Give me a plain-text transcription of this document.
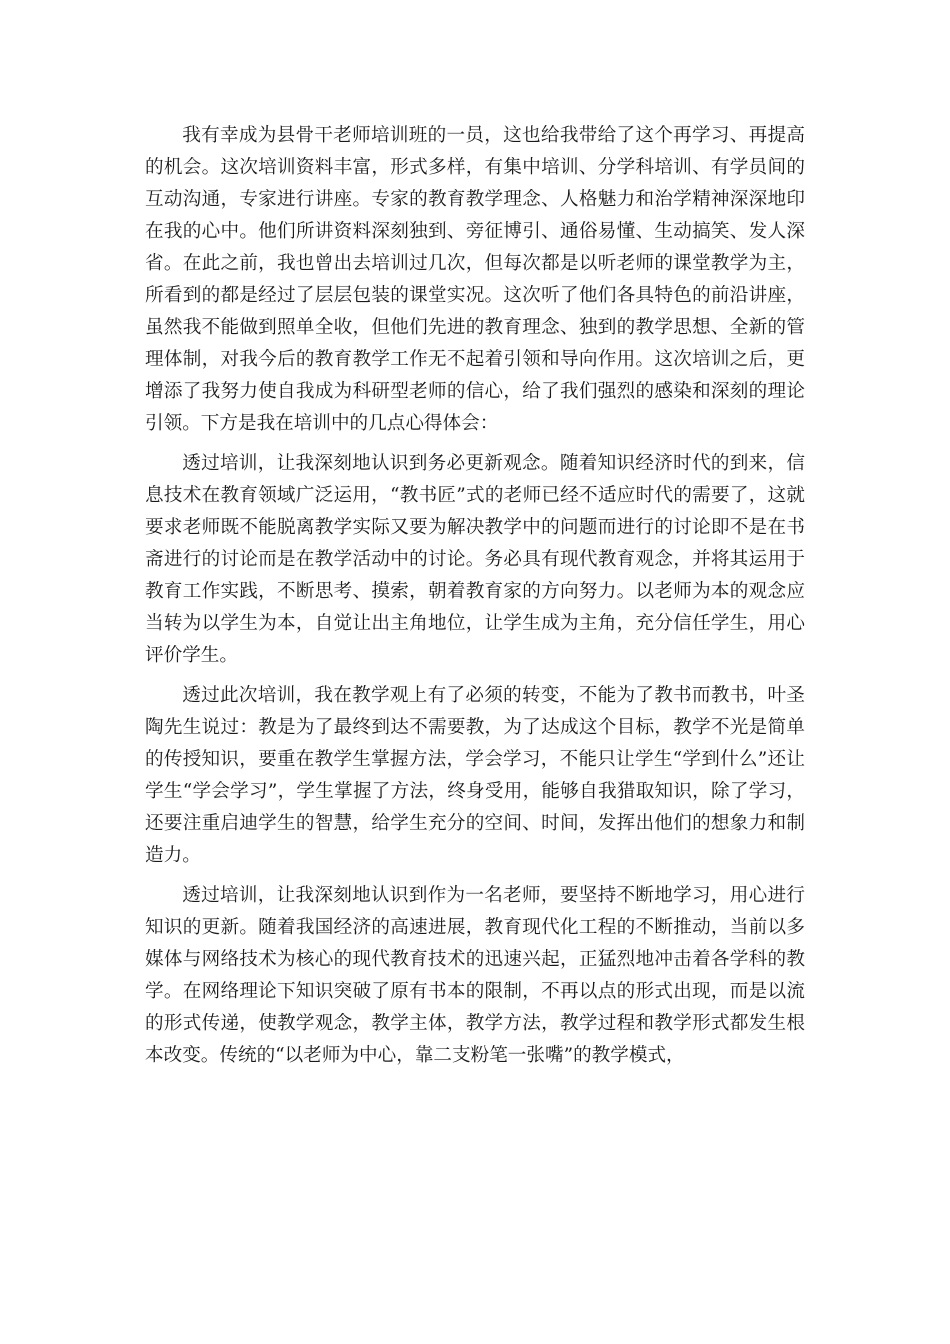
我有幸成为县骨干老师培训班的一员，这也给我带给了这个再学习、再提高的机会。这次培训资料丰富，形式多样，有集中培训、分学科培训、有学员间的互动沟通，专家进行讲座。专家的教育教学理念、人格魅力和治学精神深深地印在我的心中。他们所讲资料深刻独到、旁征博引、通俗易懂、生动搞笑、发人深省。在此之前，我也曾出去培训过几次，但每次都是以听老师的课堂教学为主，所看到的都是经过了层层包装的课堂实况。这次听了他们各具特色的前沿讲座，虽然我不能做到照单全收，但他们先进的教育理念、独到的教学思想、全新的管理体制，对我今后的教育教学工作无不起着引领和导向作用。这次培训之后，更增添了我努力使自我成为科研型老师的信心，给了我们强烈的感染和深刻的理论引领。下方是我在培训中的几点心得体会：

透过培训，让我深刻地认识到务必更新观念。随着知识经济时代的到来，信息技术在教育领域广泛运用，“教书匠”式的老师已经不适应时代的需要了，这就要求老师既不能脱离教学实际又要为解决教学中的问题而进行的讨论即不是在书斋进行的讨论而是在教学活动中的讨论。务必具有现代教育观念，并将其运用于教育工作实践，不断思考、摸索，朝着教育家的方向努力。以老师为本的观念应当转为以学生为本，自觉让出主角地位，让学生成为主角，充分信任学生，用心评价学生。

透过此次培训，我在教学观上有了必须的转变，不能为了教书而教书，叶圣陶先生说过：教是为了最终到达不需要教，为了达成这个目标，教学不光是简单的传授知识，要重在教学生掌握方法，学会学习，不能只让学生“学到什么”还让学生“学会学习”，学生掌握了方法，终身受用，能够自我猎取知识，除了学习，还要注重启迪学生的智慧，给学生充分的空间、时间，发挥出他们的想象力和制造力。

透过培训，让我深刻地认识到作为一名老师，要坚持不断地学习，用心进行知识的更新。随着我国经济的高速进展，教育现代化工程的不断推动，当前以多媒体与网络技术为核心的现代教育技术的迅速兴起，正猛烈地冲击着各学科的教学。在网络理论下知识突破了原有书本的限制，不再以点的形式出现，而是以流的形式传递，使教学观念，教学主体，教学方法，教学过程和教学形式都发生根本改变。传统的“以老师为中心，靠二支粉笔一张嘴”的教学模式，
